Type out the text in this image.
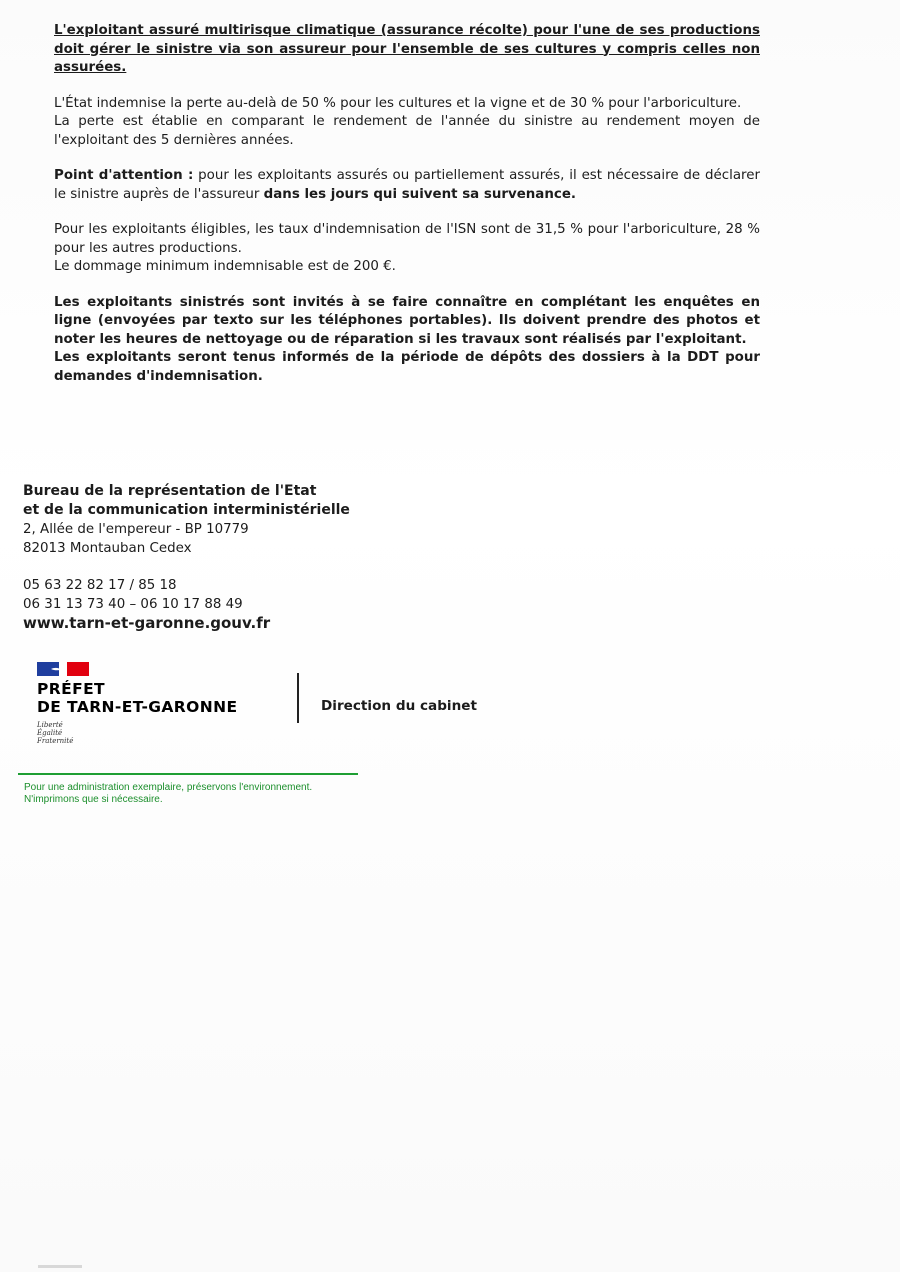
L'exploitant assuré multirisque climatique (assurance récolte) pour l'une de ses productions doit gérer le sinistre via son assureur pour l'ensemble de ses cultures y compris celles non assurées.

L'État indemnise la perte au-delà de 50 % pour les cultures et la vigne et de 30 % pour l'arboriculture.

La perte est établie en comparant le rendement de l'année du sinistre au rendement moyen de l'exploitant des 5 dernières années.

Point d'attention : pour les exploitants assurés ou partiellement assurés, il est nécessaire de déclarer le sinistre auprès de l'assureur dans les jours qui suivent sa survenance.

Pour les exploitants éligibles, les taux d'indemnisation de l'ISN sont de 31,5 % pour l'arboriculture, 28 % pour les autres productions.

Le dommage minimum indemnisable est de 200 €.

Les exploitants sinistrés sont invités à se faire connaître en complétant les enquêtes en ligne (envoyées par texto sur les téléphones portables). Ils doivent prendre des photos et noter les heures de nettoyage ou de réparation si les travaux sont réalisés par l'exploitant.

Les exploitants seront tenus informés de la période de dépôts des dossiers à la DDT pour demandes d'indemnisation.

Bureau de la représentation de l'Etat
et de la communication interministérielle
2, Allée de l'empereur - BP 10779
82013 Montauban Cedex
05 63 22 82 17 / 85 18
06 31 13 73 40 – 06 10 17 88 49
www.tarn-et-garonne.gouv.fr
PRÉFET
DE TARN-ET-GARONNE
Liberté
Égalité
Fraternité
Direction du cabinet
Pour une administration exemplaire, préservons l'environnement.
N'imprimons que si nécessaire.
